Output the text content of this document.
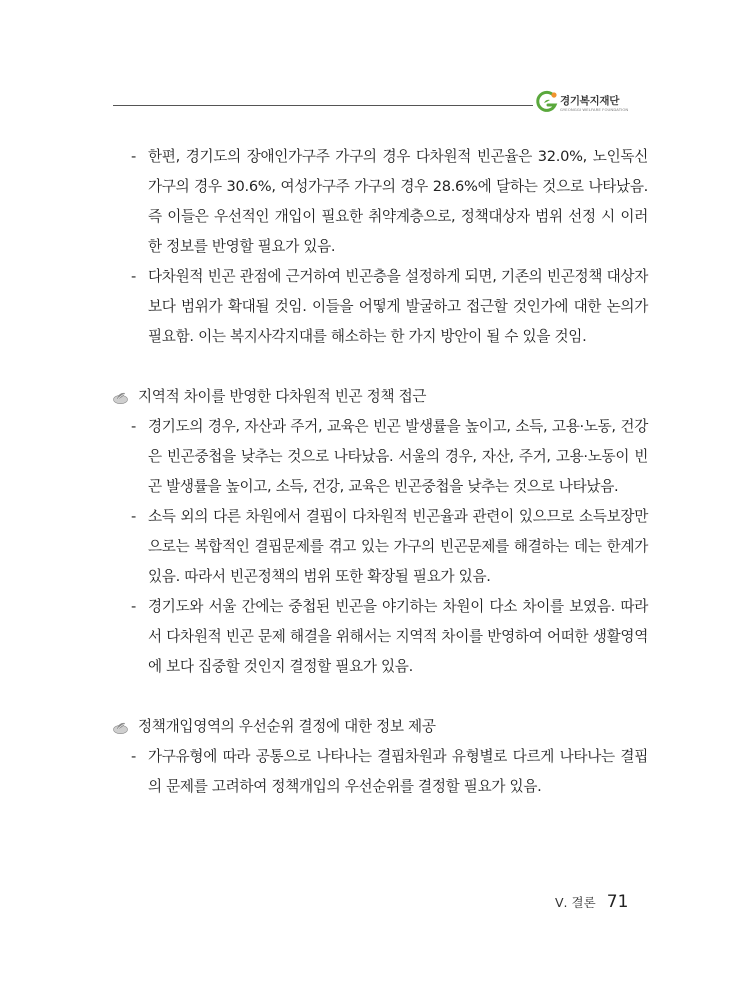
경기복지재단
GYEONGGI WELFARE FOUNDATION
- 한편, 경기도의 장애인가구주 가구의 경우 다차원적 빈곤율은 32.0%, 노인독신가구의 경우 30.6%, 여성가구주 가구의 경우 28.6%에 달하는 것으로 나타났음. 즉 이들은 우선적인 개입이 필요한 취약계층으로, 정책대상자 범위 선정 시 이러한 정보를 반영할 필요가 있음.
- 다차원적 빈곤 관점에 근거하여 빈곤층을 설정하게 되면, 기존의 빈곤정책 대상자보다 범위가 확대될 것임. 이들을 어떻게 발굴하고 접근할 것인가에 대한 논의가 필요함. 이는 복지사각지대를 해소하는 한 가지 방안이 될 수 있을 것임.
지역적 차이를 반영한 다차원적 빈곤 정책 접근
- 경기도의 경우, 자산과 주거, 교육은 빈곤 발생률을 높이고, 소득, 고용·노동, 건강은 빈곤중첩을 낮추는 것으로 나타났음. 서울의 경우, 자산, 주거, 고용·노동이 빈곤 발생률을 높이고, 소득, 건강, 교육은 빈곤중첩을 낮추는 것으로 나타났음.
- 소득 외의 다른 차원에서 결핍이 다차원적 빈곤율과 관련이 있으므로 소득보장만으로는 복합적인 결핍문제를 겪고 있는 가구의 빈곤문제를 해결하는 데는 한계가 있음. 따라서 빈곤정책의 범위 또한 확장될 필요가 있음.
- 경기도와 서울 간에는 중첩된 빈곤을 야기하는 차원이 다소 차이를 보였음. 따라서 다차원적 빈곤 문제 해결을 위해서는 지역적 차이를 반영하여 어떠한 생활영역에 보다 집중할 것인지 결정할 필요가 있음.
정책개입영역의 우선순위 결정에 대한 정보 제공
- 가구유형에 따라 공통으로 나타나는 결핍차원과 유형별로 다르게 나타나는 결핍의 문제를 고려하여 정책개입의 우선순위를 결정할 필요가 있음.
Ⅴ. 결론 71
